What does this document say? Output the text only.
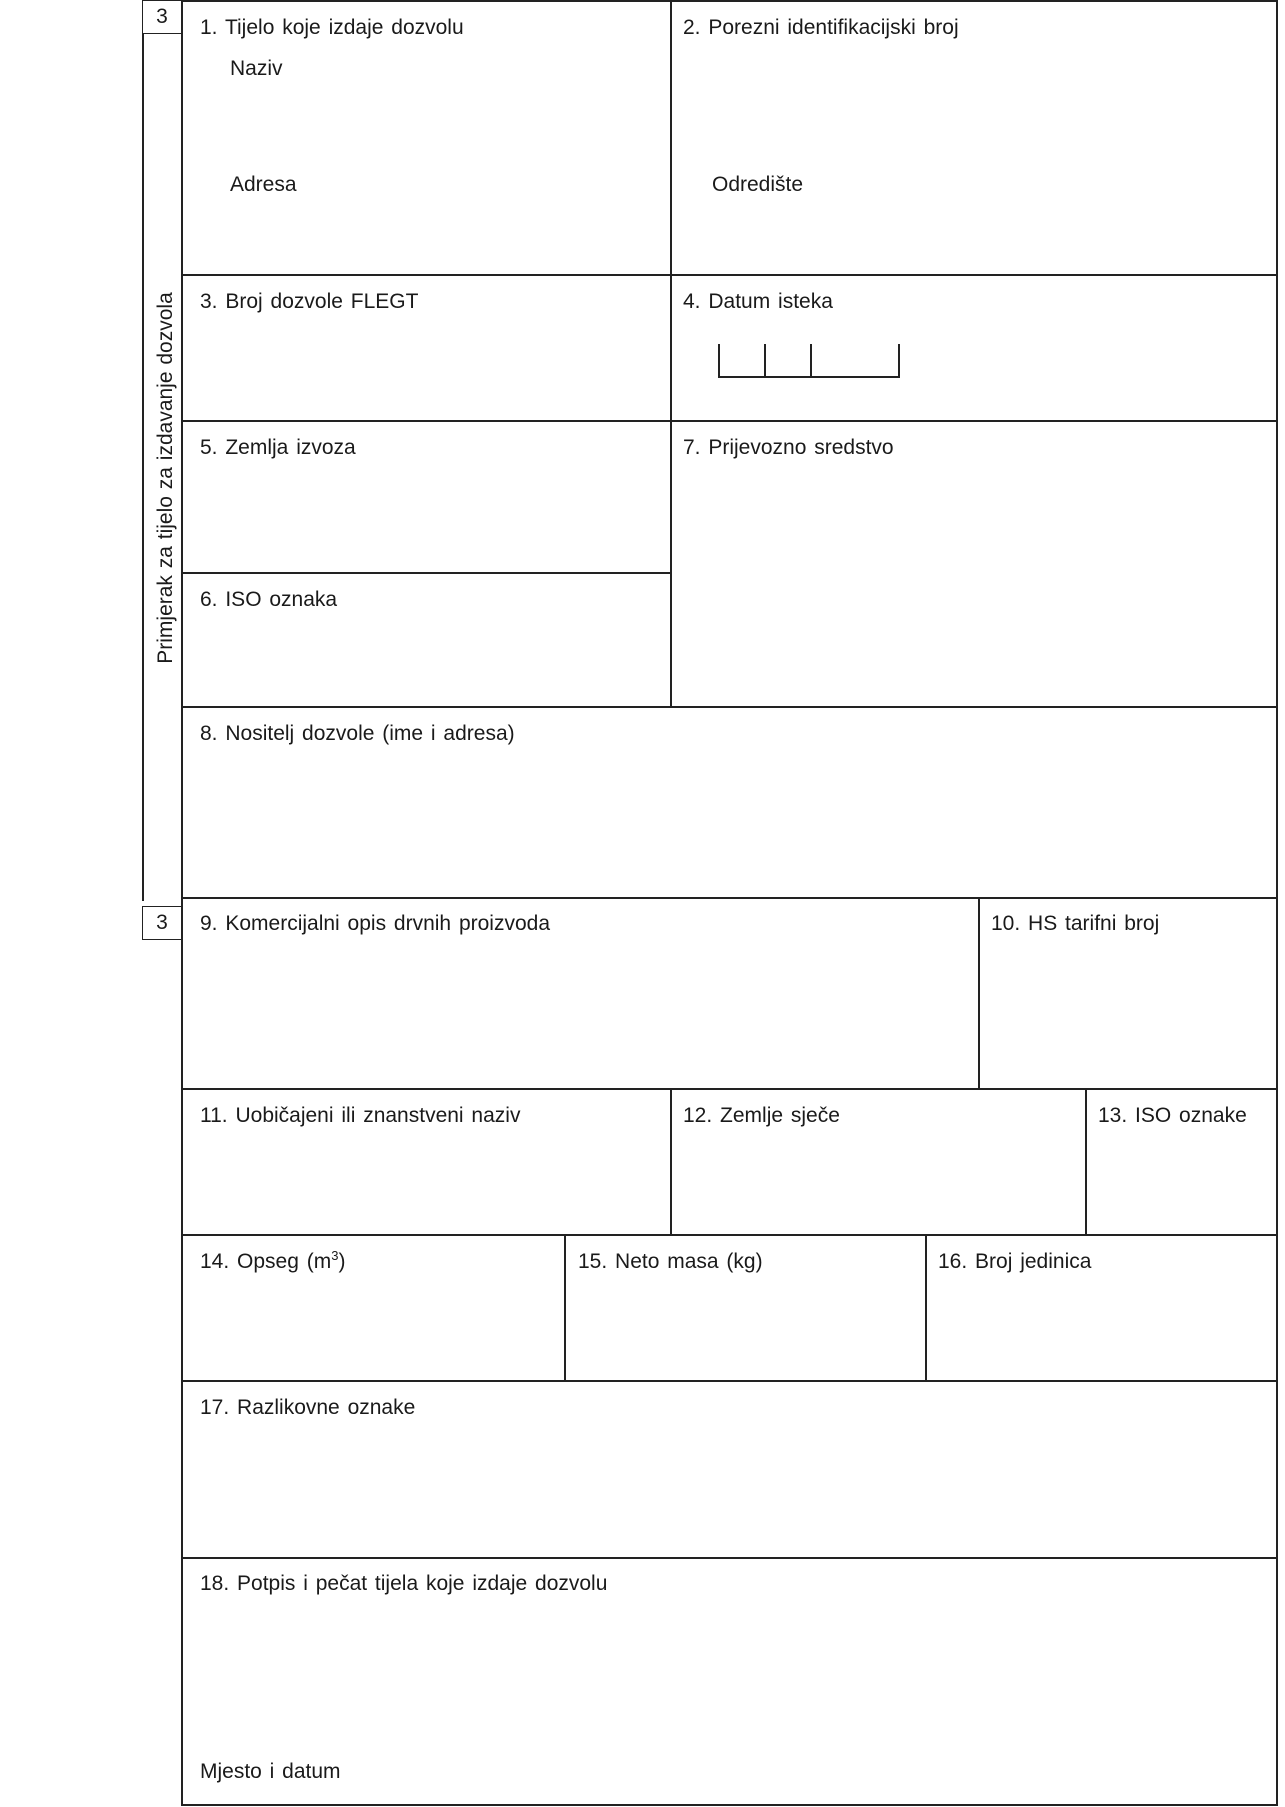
3
3
Primjerak za tijelo za izdavanje dozvola
1. Tijelo koje izdaje dozvolu
Naziv
Adresa
2. Porezni identifikacijski broj
Odredište
3. Broj dozvole FLEGT	4. Datum isteka
5. Zemlja izvoza	7. Prijevozno sredstvo
6. ISO oznaka
8. Nositelj dozvole (ime i adresa)
9. Komercijalni opis drvnih proizvoda	10. HS tarifni broj
11. Uobičajeni ili znanstveni naziv	12. Zemlje sječe	13. ISO oznake
14. Opseg $(m^3)$	15. Neto masa (kg)	16. Broj jedinica
17. Razlikovne oznake
18. Potpis i pečat tijela koje izdaje dozvolu
Mjesto i datum
